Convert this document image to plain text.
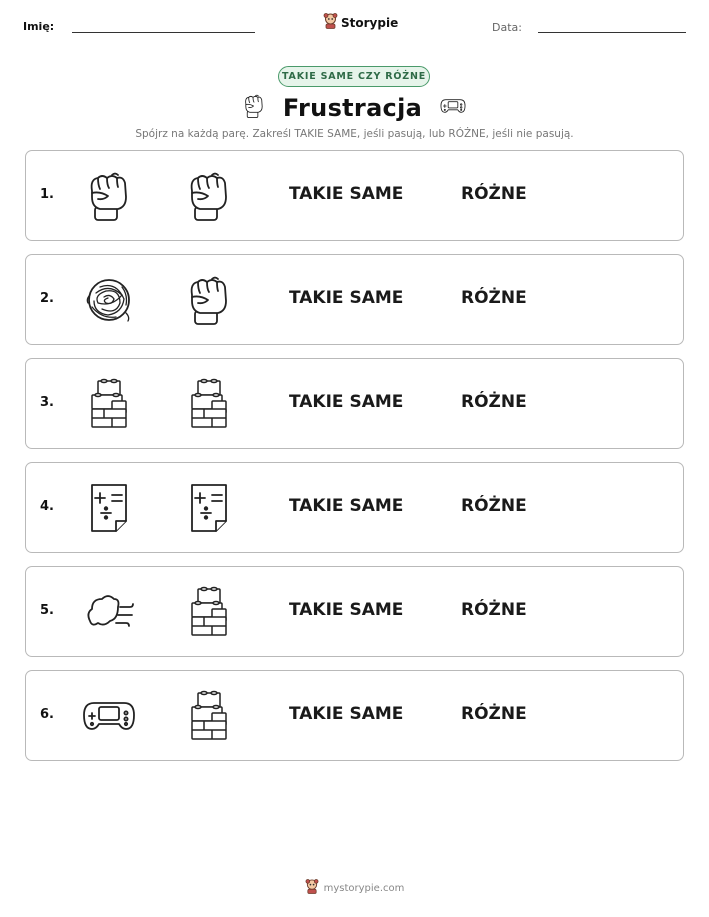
Imię:	Storypie	Data:
TAKIE SAME CZY RÓŻNE
Frustracja
Spójrz na każdą parę. Zakreśl TAKIE SAME, jeśli pasują, lub RÓŻNE, jeśli nie pasują.
1.	TAKIE SAME	RÓŻNE
2.	TAKIE SAME	RÓŻNE
3.	TAKIE SAME	RÓŻNE
4.	TAKIE SAME	RÓŻNE
5.	TAKIE SAME	RÓŻNE
6.	TAKIE SAME	RÓŻNE
mystorypie.com
